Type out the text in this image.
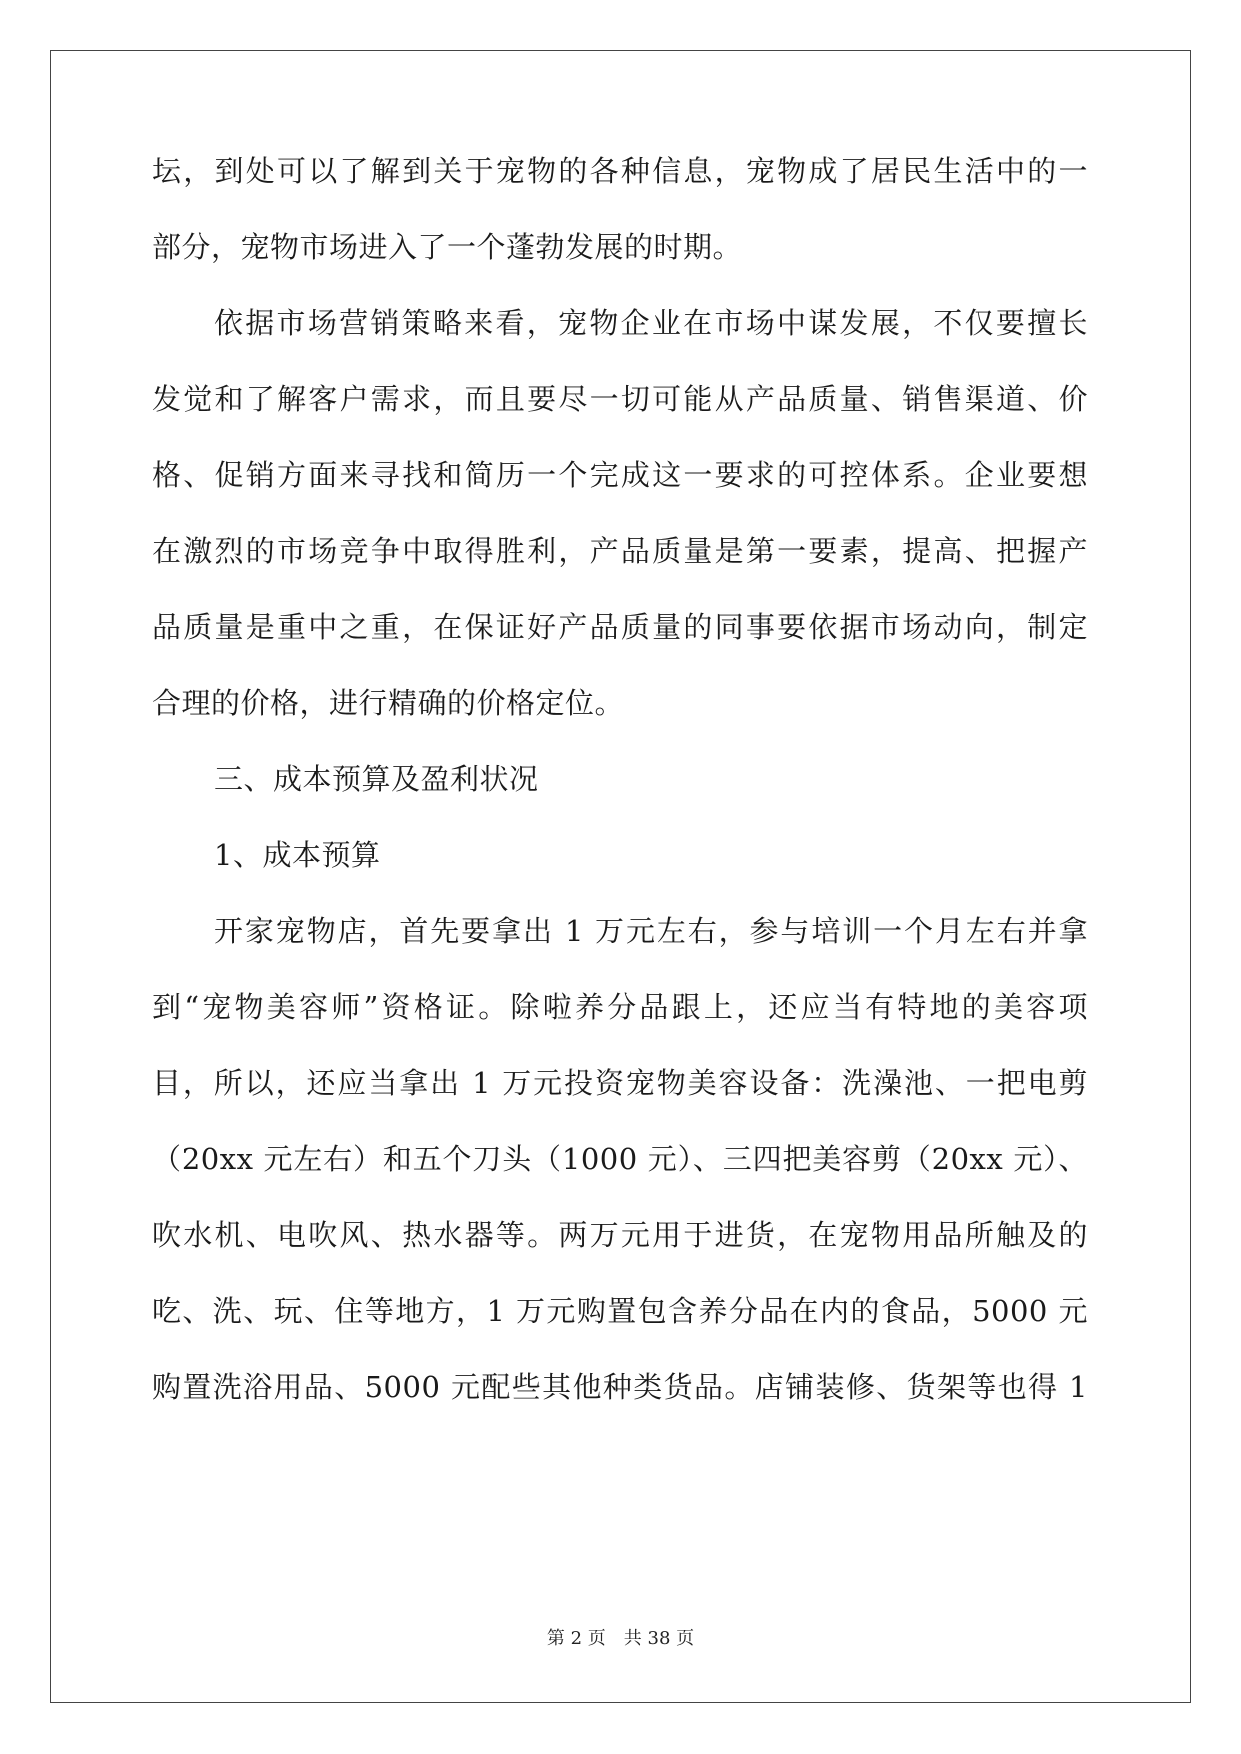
坛，到处可以了解到关于宠物的各种信息，宠物成了居民生活中的一
部分，宠物市场进入了一个蓬勃发展的时期。
依据市场营销策略来看，宠物企业在市场中谋发展，不仅要擅长
发觉和了解客户需求，而且要尽一切可能从产品质量、销售渠道、价
格、促销方面来寻找和简历一个完成这一要求的可控体系。企业要想
在激烈的市场竞争中取得胜利，产品质量是第一要素，提高、把握产
品质量是重中之重，在保证好产品质量的同事要依据市场动向，制定
合理的价格，进行精确的价格定位。
三、成本预算及盈利状况
1、成本预算
开家宠物店，首先要拿出 1 万元左右，参与培训一个月左右并拿
到“宠物美容师”资格证。除啦养分品跟上，还应当有特地的美容项
目，所以，还应当拿出 1 万元投资宠物美容设备：洗澡池、一把电剪
（20xx 元左右）和五个刀头（1000 元）、三四把美容剪（20xx 元）、
吹水机、电吹风、热水器等。两万元用于进货，在宠物用品所触及的
吃、洗、玩、住等地方，1 万元购置包含养分品在内的食品，5000 元
购置洗浴用品、5000 元配些其他种类货品。店铺装修、货架等也得 1
第 2 页　共 38 页
